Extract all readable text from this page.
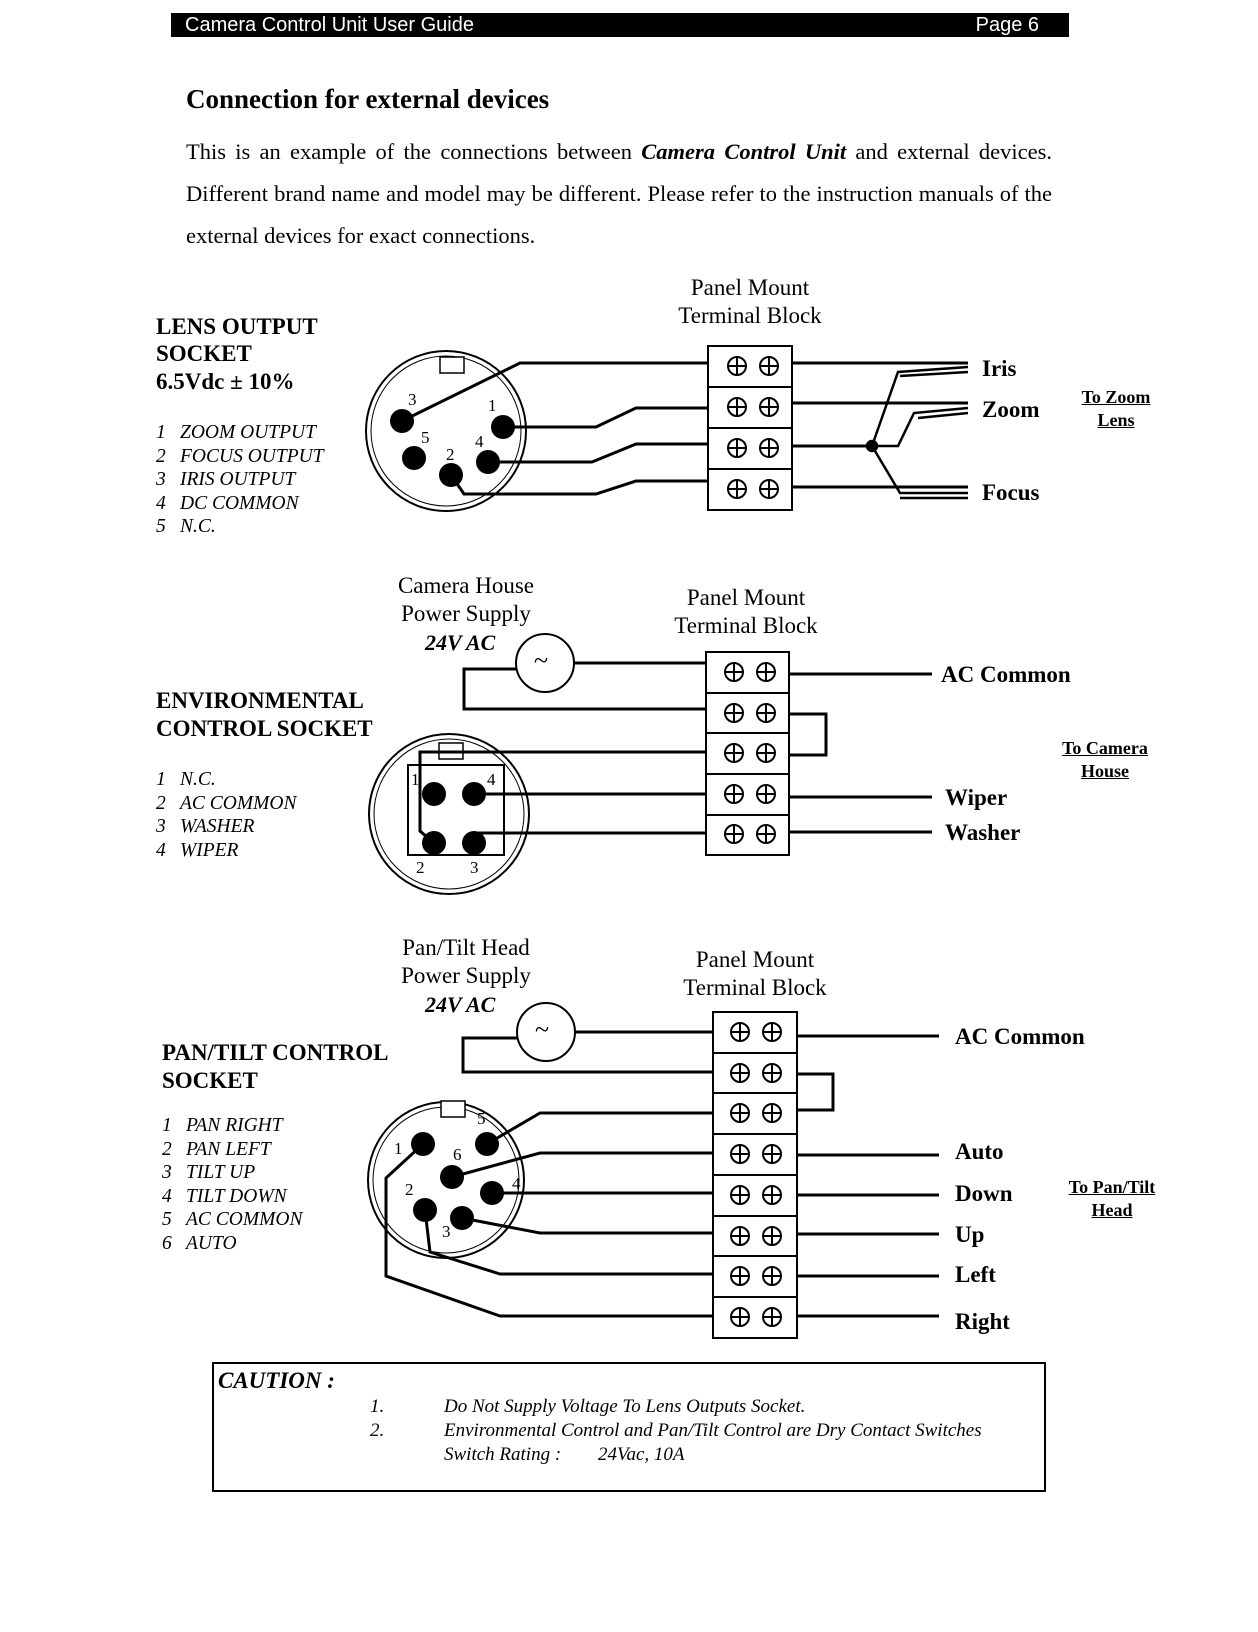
Camera Control Unit User Guide	Page 6
Connection for external devices

This is an example of the connections between Camera Control Unit and external devices. Different brand name and model may be different. Please refer to the instruction manuals of the external devices for exact connections.

LENS OUTPUT
SOCKET
6.5Vdc ± 10%
1 ZOOM OUTPUT
2 FOCUS OUTPUT
3 IRIS OUTPUT
4 DC COMMON
5 N.C.
3	1
5
2
4
Panel Mount
Terminal Block
Iris
Zoom
Focus
To Zoom
Lens
Camera House
Power Supply
24V AC
~
ENVIRONMENTAL
CONTROL SOCKET
1 N.C.
2 AC COMMON
3 WASHER
4 WIPER
1	4
2	3
Panel Mount
Terminal Block
AC Common
Wiper
Washer
To Camera
House
Pan/Tilt Head
Power Supply
24V AC
~
PAN/TILT CONTROL
SOCKET
1 PAN RIGHT
2 PAN LEFT
3 TILT UP
4 TILT DOWN
5 AC COMMON
6 AUTO
5
1	6
4
2
3
Panel Mount
Terminal Block
AC Common
Auto
Down
Up
Left
Right
To Pan/Tilt
Head
CAUTION :
1.	Do Not Supply Voltage To Lens Outputs Socket.
2.	Environmental Control and Pan/Tilt Control are Dry Contact Switches
Switch Rating : 24Vac, 10A
